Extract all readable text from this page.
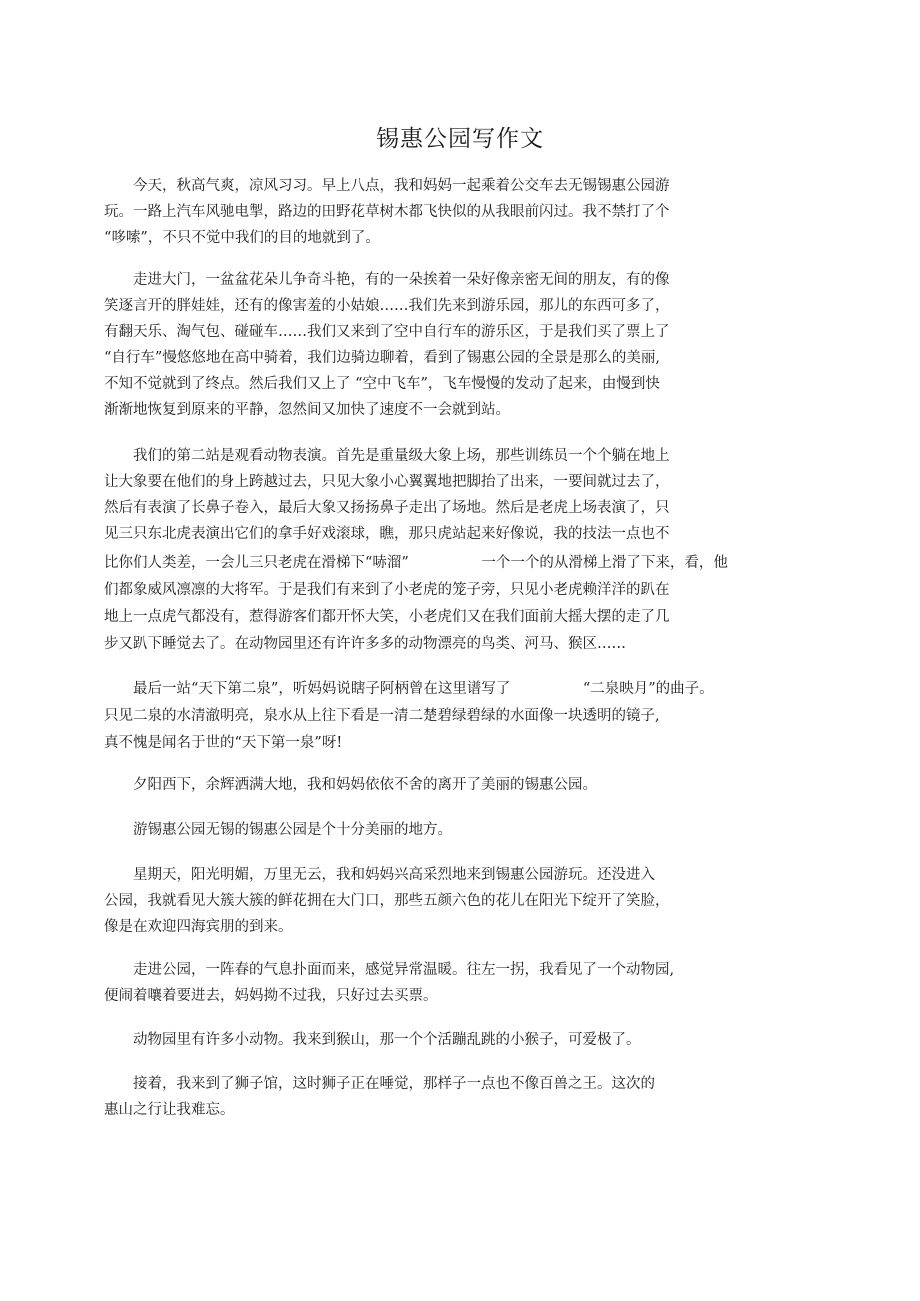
锡惠公园写作文
　　今天，秋高气爽，凉风习习。早上八点，我和妈妈一起乘着公交车去无锡锡惠公园游
玩。一路上汽车风驰电掣，路边的田野花草树木都飞快似的从我眼前闪过。我不禁打了个
“哆嗦”，不只不觉中我们的目的地就到了。
　　走进大门，一盆盆花朵儿争奇斗艳，有的一朵挨着一朵好像亲密无间的朋友，有的像
笑逐言开的胖娃娃，还有的像害羞的小姑娘……我们先来到游乐园，那儿的东西可多了，
有翻天乐、淘气包、碰碰车……我们又来到了空中自行车的游乐区，于是我们买了票上了
“自行车”慢悠悠地在高中骑着，我们边骑边聊着，看到了锡惠公园的全景是那么的美丽,
不知不觉就到了终点。然后我们又上了 “空中飞车”，飞车慢慢的发动了起来，由慢到快
渐渐地恢复到原来的平静，忽然间又加快了速度不一会就到站。
　　我们的第二站是观看动物表演。首先是重量级大象上场，那些训练员一个个躺在地上
让大象要在他们的身上跨越过去，只见大象小心翼翼地把脚抬了出来，一要间就过去了，
然后有表演了长鼻子卷入，最后大象又扬扬鼻子走出了场地。然后是老虎上场表演了，只
见三只东北虎表演出它们的拿手好戏滚球，瞧，那只虎站起来好像说，我的技法一点也不
比你们人类差，一会儿三只老虎在滑梯下“哧溜”　　　　　一个一个的从滑梯上滑了下来，看，他
们都象威风凛凛的大将军。于是我们有来到了小老虎的笼子旁，只见小老虎赖洋洋的趴在
地上一点虎气都没有，惹得游客们都开怀大笑，小老虎们又在我们面前大摇大摆的走了几
步又趴下睡觉去了。在动物园里还有许许多多的动物漂亮的鸟类、河马、猴区……
　　最后一站“天下第二泉”，听妈妈说瞎子阿柄曾在这里谱写了　　　　　“二泉映月”的曲子。
只见二泉的水清澈明亮，泉水从上往下看是一清二楚碧绿碧绿的水面像一块透明的镜子,
真不愧是闻名于世的“天下第一泉”呀!
　　夕阳西下，余辉洒满大地，我和妈妈依依不舍的离开了美丽的锡惠公园。
　　游锡惠公园无锡的锡惠公园是个十分美丽的地方。
　　星期天，阳光明媚，万里无云，我和妈妈兴高采烈地来到锡惠公园游玩。还没进入
公园，我就看见大簇大簇的鲜花拥在大门口，那些五颜六色的花儿在阳光下绽开了笑脸，
像是在欢迎四海宾朋的到来。
　　走进公园，一阵春的气息扑面而来，感觉异常温暖。往左一拐，我看见了一个动物园,
便闹着嚷着要进去，妈妈拗不过我，只好过去买票。
　　动物园里有许多小动物。我来到猴山，那一个个活蹦乱跳的小猴子，可爱极了。
　　接着，我来到了狮子馆，这时狮子正在唾觉，那样子一点也不像百兽之王。这次的
惠山之行让我难忘。
